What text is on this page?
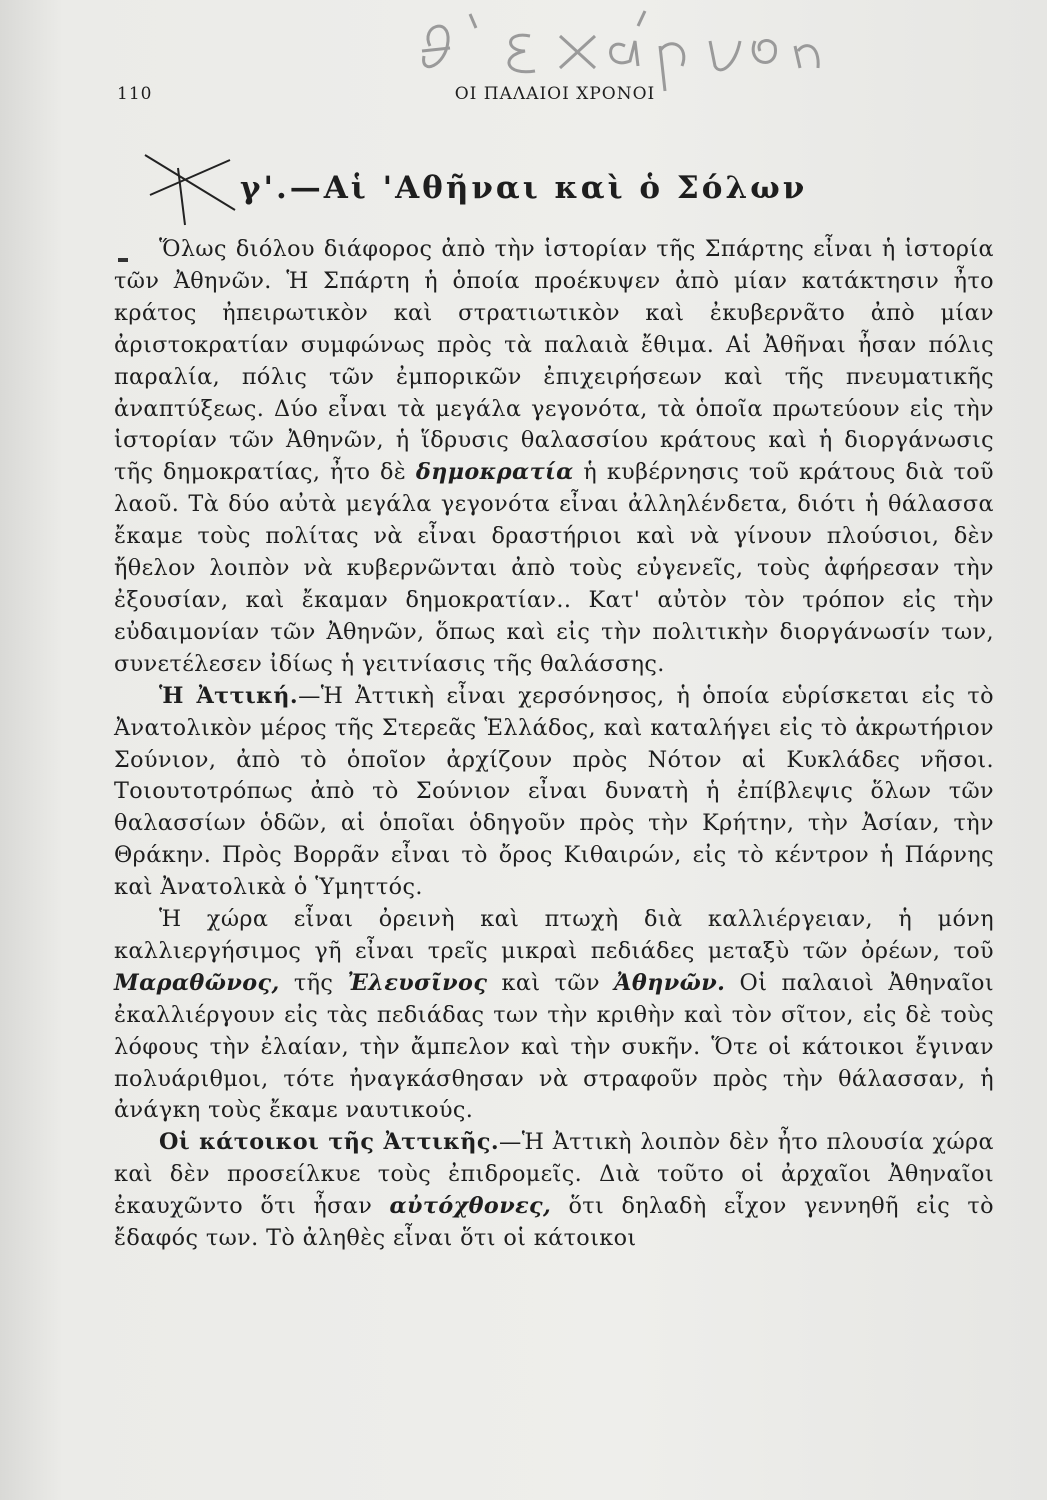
110	ΟΙ ΠΑΛΑΙΟΙ ΧΡΟΝΟΙ
γ'.—Αἱ 'Αθῆναι καὶ ὁ Σόλων

Ὅλως διόλου διάφορος ἀπὸ τὴν ἱστορίαν τῆς Σπάρτης εἶναι ἡ ἱστορία τῶν Ἀθηνῶν. Ἡ Σπάρτη ἡ ὁποία προέκυψεν ἀπὸ μίαν κατάκτησιν ἦτο κράτος ἠπειρωτικὸν καὶ στρατιωτικὸν καὶ ἐκυβερνᾶτο ἀπὸ μίαν ἀριστοκρατίαν συμφώνως πρὸς τὰ παλαιὰ ἔθιμα. Αἱ Ἀθῆναι ἦσαν πόλις παραλία, πόλις τῶν ἐμπορικῶν ἐπιχειρήσεων καὶ τῆς πνευματικῆς ἀναπτύξεως. Δύο εἶναι τὰ μεγάλα γεγονότα, τὰ ὁποῖα πρωτεύουν εἰς τὴν ἱστορίαν τῶν Ἀθηνῶν, ἡ ἵδρυσις θαλασσίου κράτους καὶ ἡ διοργάνωσις τῆς δημοκρατίας, ἦτο δὲ δημοκρατία ἡ κυβέρνησις τοῦ κράτους διὰ τοῦ λαοῦ. Τὰ δύο αὐτὰ μεγάλα γεγονότα εἶναι ἀλληλένδετα, διότι ἡ θάλασσα ἔκαμε τοὺς πολίτας νὰ εἶναι δραστήριοι καὶ νὰ γίνουν πλούσιοι, δὲν ἤθελον λοιπὸν νὰ κυβερνῶνται ἀπὸ τοὺς εὐγενεῖς, τοὺς ἀφήρεσαν τὴν ἐξουσίαν, καὶ ἔκαμαν δημοκρατίαν.. Κατ' αὐτὸν τὸν τρόπον εἰς τὴν εὐδαιμονίαν τῶν Ἀθηνῶν, ὅπως καὶ εἰς τὴν πολιτικὴν διοργάνωσίν των, συνετέλεσεν ἰδίως ἡ γειτνίασις τῆς θαλάσσης.

Ἡ Ἀττική.—Ἡ Ἀττικὴ εἶναι χερσόνησος, ἡ ὁποία εὑρίσκεται εἰς τὸ Ἀνατολικὸν μέρος τῆς Στερεᾶς Ἑλλάδος, καὶ καταλήγει εἰς τὸ ἀκρωτήριον Σούνιον, ἀπὸ τὸ ὁποῖον ἀρχίζουν πρὸς Νότον αἱ Κυκλάδες νῆσοι. Τοιουτοτρόπως ἀπὸ τὸ Σούνιον εἶναι δυνατὴ ἡ ἐπίβλεψις ὅλων τῶν θαλασσίων ὁδῶν, αἱ ὁποῖαι ὁδηγοῦν πρὸς τὴν Κρήτην, τὴν Ἀσίαν, τὴν Θράκην. Πρὸς Βορρᾶν εἶναι τὸ ὄρος Κιθαιρών, εἰς τὸ κέντρον ἡ Πάρνης καὶ Ἀνατολικὰ ὁ Ὑμηττός.

Ἡ χώρα εἶναι ὀρεινὴ καὶ πτωχὴ διὰ καλλιέργειαν, ἡ μόνη καλλιεργήσιμος γῆ εἶναι τρεῖς μικραὶ πεδιάδες μεταξὺ τῶν ὀρέων, τοῦ Μαραθῶνος, τῆς Ἐλευσῖνος καὶ τῶν Ἀθηνῶν. Οἱ παλαιοὶ Ἀθηναῖοι ἐκαλλιέργουν εἰς τὰς πεδιάδας των τὴν κριθὴν καὶ τὸν σῖτον, εἰς δὲ τοὺς λόφους τὴν ἐλαίαν, τὴν ἄμπελον καὶ τὴν συκῆν. Ὅτε οἱ κάτοικοι ἔγιναν πολυάριθμοι, τότε ἠναγκάσθησαν νὰ στραφοῦν πρὸς τὴν θάλασσαν, ἡ ἀνάγκη τοὺς ἔκαμε ναυτικούς.

Οἱ κάτοικοι τῆς Ἀττικῆς.—Ἡ Ἀττικὴ λοιπὸν δὲν ἦτο πλουσία χώρα καὶ δὲν προσείλκυε τοὺς ἐπιδρομεῖς. Διὰ τοῦτο οἱ ἀρχαῖοι Ἀθηναῖοι ἐκαυχῶντο ὅτι ἦσαν αὐτόχθονες, ὅτι δηλαδὴ εἶχον γεννηθῆ εἰς τὸ ἔδαφός των. Τὸ ἀληθὲς εἶναι ὅτι οἱ κάτοικοι
